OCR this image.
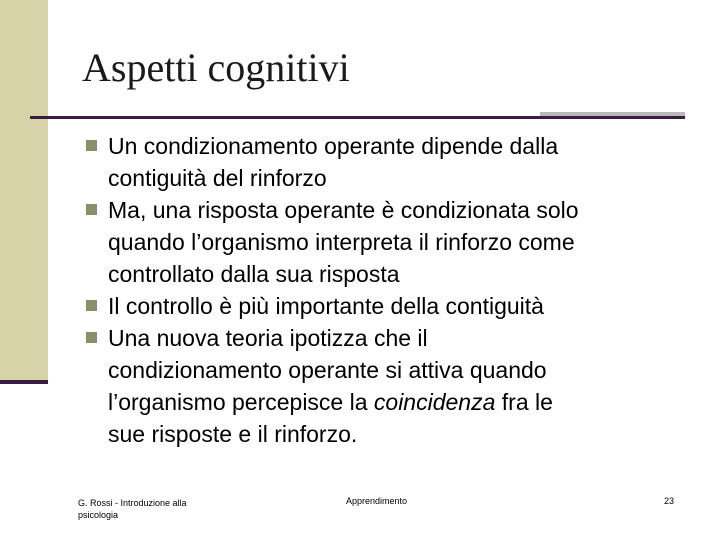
Aspetti cognitivi
Un condizionamento operante dipende dalla
contiguità del rinforzo
Ma, una risposta operante è condizionata solo
quando l’organismo interpreta il rinforzo come
controllato dalla sua risposta
Il controllo è più importante della contiguità
Una nuova teoria ipotizza che il
condizionamento operante si attiva quando
l’organismo percepisce la coincidenza fra le
sue risposte e il rinforzo.
G. Rossi - Introduzione alla psicologia
Apprendimento	23
